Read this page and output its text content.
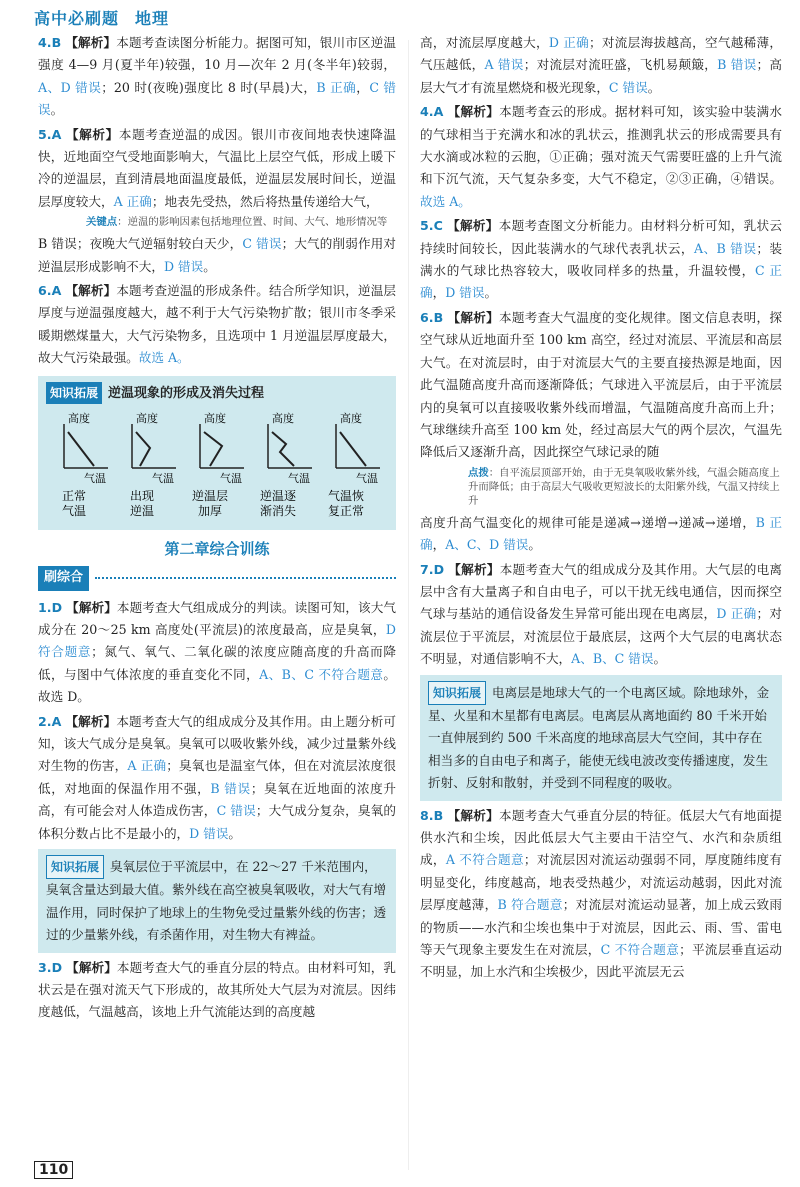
高中必刷题 地理

4.B 【解析】本题考查读图分析能力。据图可知，银川市区逆温强度 4—9 月(夏半年)较强，10 月—次年 2 月(冬半年)较弱，A、D 错误；20 时(夜晚)强度比 8 时(早晨)大，B 正确，C 错误。

5.A 【解析】本题考查逆温的成因。银川市夜间地表快速降温快，近地面空气受地面影响大，气温比上层空气低，形成上暖下冷的逆温层，直到清晨地面温度最低，逆温层发展时间长，逆温层厚度较大，A 正确；地表先受热，然后将热量传递给大气，

关键点：逆温的影响因素包括地理位置、时间、大气、地形情况等

B 错误；夜晚大气逆辐射较白天少，C 错误；大气的削弱作用对逆温层形成影响不大，D 错误。

6.A 【解析】本题考查逆温的形成条件。结合所学知识，逆温层厚度与逆温强度越大，越不利于大气污染物扩散；银川市冬季采暖期燃煤量大，大气污染物多，且选项中 1 月逆温层厚度最大，故大气污染最强。故选 A。

知识拓展 逆温现象的形成及消失过程
高度
气温
正常
气温
高度
气温
出现
逆温
高度
气温
逆温层
加厚
高度
气温
逆温逐
渐消失
高度
气温
气温恢
复正常
第二章综合训练
刷综合

1.D 【解析】本题考查大气组成成分的判读。读图可知，该大气成分在 20～25 km 高度处(平流层)的浓度最高，应是臭氧，D 符合题意；氮气、氧气、二氧化碳的浓度应随高度的升高而降低，与图中气体浓度的垂直变化不同，A、B、C 不符合题意。故选 D。

2.A 【解析】本题考查大气的组成成分及其作用。由上题分析可知，该大气成分是臭氧。臭氧可以吸收紫外线，减少过量紫外线对生物的伤害，A 正确；臭氧也是温室气体，但在对流层浓度很低，对地面的保温作用不强，B 错误；臭氧在近地面的浓度升高，有可能会对人体造成伤害，C 错误；大气成分复杂，臭氧的体积分数占比不是最小的，D 错误。

知识拓展 臭氧层位于平流层中，在 22～27 千米范围内，臭氧含量达到最大值。紫外线在高空被臭氧吸收，对大气有增温作用，同时保护了地球上的生物免受过量紫外线的伤害；透过的少量紫外线，有杀菌作用，对生物大有裨益。

3.D 【解析】本题考查大气的垂直分层的特点。由材料可知，乳状云是在强对流天气下形成的，故其所处大气层为对流层。因纬度越低，气温越高，该地上升气流能达到的高度越

高，对流层厚度越大，D 正确；对流层海拔越高，空气越稀薄，气压越低，A 错误；对流层对流旺盛，飞机易颠簸，B 错误；高层大气才有流星燃烧和极光现象，C 错误。

4.A 【解析】本题考查云的形成。据材料可知，该实验中装满水的气球相当于充满水和冰的乳状云，推测乳状云的形成需要具有大水滴或冰粒的云胞，①正确；强对流天气需要旺盛的上升气流和下沉气流，天气复杂多变，大气不稳定，②③正确，④错误。故选 A。

5.C 【解析】本题考查图文分析能力。由材料分析可知，乳状云持续时间较长，因此装满水的气球代表乳状云，A、B 错误；装满水的气球比热容较大，吸收同样多的热量，升温较慢，C 正确，D 错误。

6.B 【解析】本题考查大气温度的变化规律。图文信息表明，探空气球从近地面升至 100 km 高空，经过对流层、平流层和高层大气。在对流层时，由于对流层大气的主要直接热源是地面，因此气温随高度升高而逐渐降低；气球进入平流层后，由于平流层内的臭氧可以直接吸收紫外线而增温，气温随高度升高而上升；气球继续升高至 100 km 处，经过高层大气的两个层次，气温先降低后又逐渐升高，因此探空气球记录的随

点拨：自平流层顶部开始，由于无臭氧吸收紫外线，气温会随高度上升而降低；由于高层大气吸收更短波长的太阳紫外线，气温又持续上升

高度升高气温变化的规律可能是递减→递增→递减→递增，B 正确，A、C、D 错误。

7.D 【解析】本题考查大气的组成成分及其作用。大气层的电离层中含有大量离子和自由电子，可以干扰无线电通信，因而探空气球与基站的通信设备发生异常可能出现在电离层，D 正确；对流层位于平流层，对流层位于最底层，这两个大气层的电离状态不明显，对通信影响不大，A、B、C 错误。

知识拓展 电离层是地球大气的一个电离区域。除地球外，金星、火星和木星都有电离层。电离层从离地面约 80 千米开始一直伸展到约 500 千米高度的地球高层大气空间，其中存在相当多的自由电子和离子，能使无线电波改变传播速度，发生折射、反射和散射，并受到不同程度的吸收。

8.B 【解析】本题考查大气垂直分层的特征。低层大气有地面提供水汽和尘埃，因此低层大气主要由干洁空气、水汽和杂质组成，A 不符合题意；对流层因对流运动强弱不同，厚度随纬度有明显变化，纬度越高，地表受热越少，对流运动越弱，因此对流层厚度越薄，B 符合题意；对流层对流运动显著，加上成云致雨的物质——水汽和尘埃也集中于对流层，因此云、雨、雪、雷电等天气现象主要发生在对流层，C 不符合题意；平流层垂直运动不明显，加上水汽和尘埃极少，因此平流层无云

110
